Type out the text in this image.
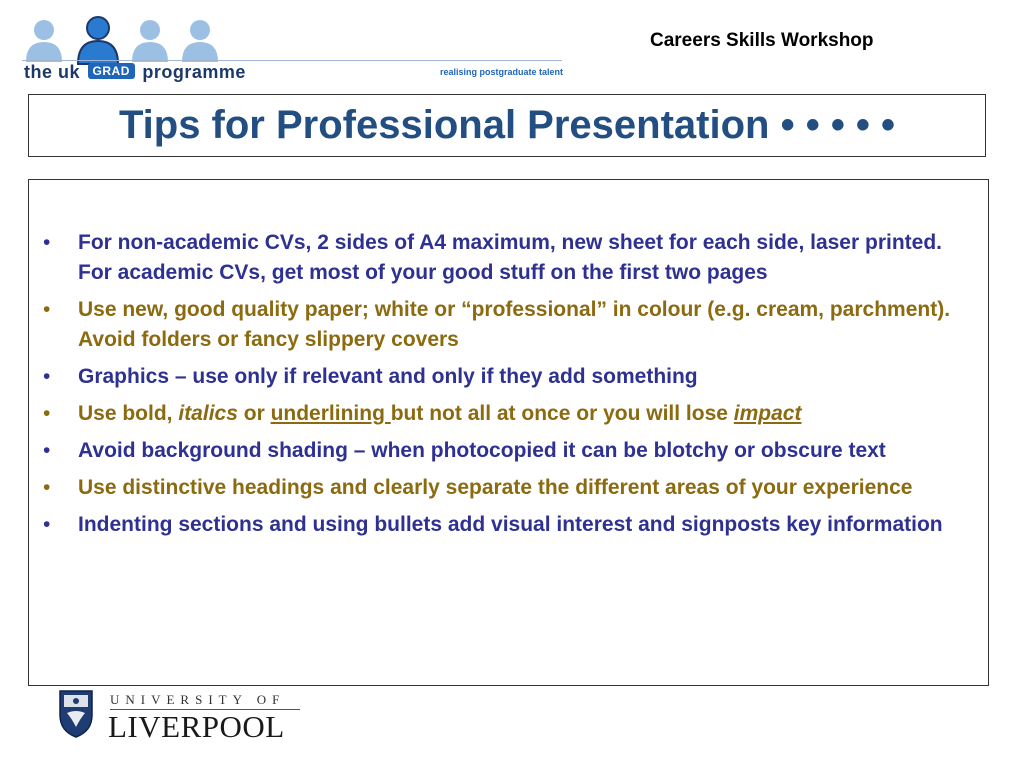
the uk GRAD programme	realising postgraduate talent
Careers Skills Workshop
Tips for Professional Presentation • • • • •
• For non-academic CVs, 2 sides of A4 maximum, new sheet for each side, laser printed. For academic CVs, get most of your good stuff on the first two pages
• Use new, good quality paper; white or “professional” in colour (e.g. cream, parchment). Avoid folders or fancy slippery covers
• Graphics – use only if relevant and only if they add something
• Use bold, italics or underlining but not all at once or you will lose impact
• Avoid background shading – when photocopied it can be blotchy or obscure text
• Use distinctive headings and clearly separate the different areas of your experience
• Indenting sections and using bullets add visual interest and signposts key information
UNIVERSITY OF
LIVERPOOL
